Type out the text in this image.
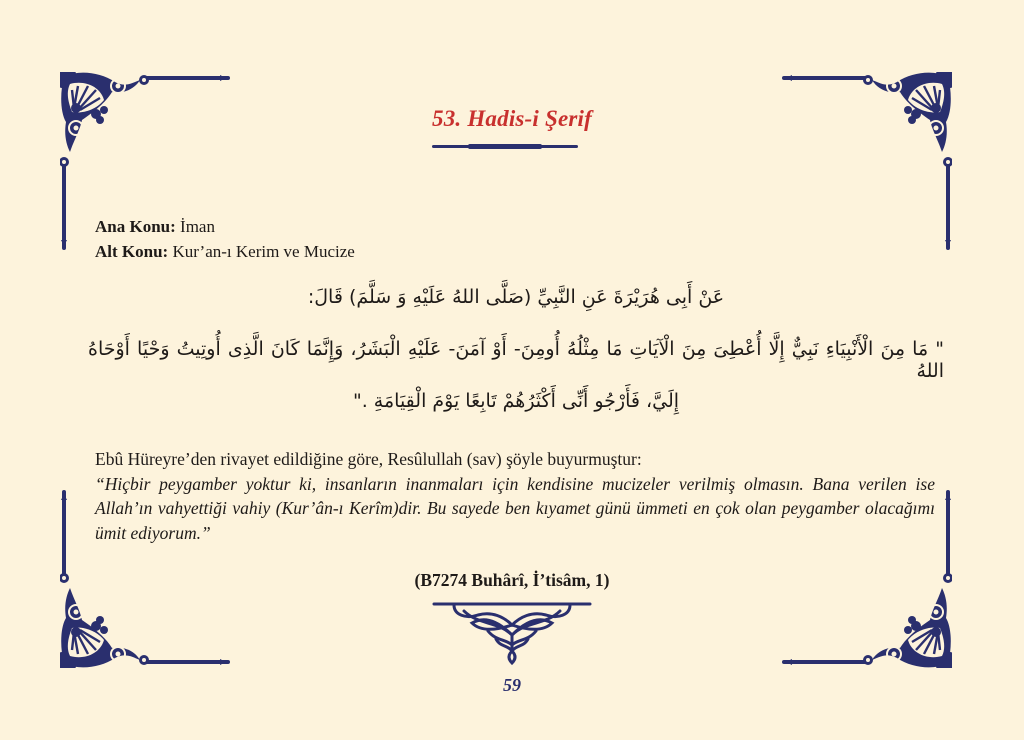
53. Hadis-i Şerif
Ana Konu: İman
Alt Konu: Kur’an-ı Kerim ve Mucize
عَنْ أَبِى هُرَيْرَةَ عَنِ النَّبِيِّ (صَلَّى اللهُ عَلَيْهِ وَ سَلَّمَ) قَالَ:
" مَا مِنَ الْأَنْبِيَاءِ نَبِيٌّ إِلَّا أُعْطِىَ مِنَ الْآيَاتِ مَا مِثْلُهُ أُومِنَ- أَوْ آمَنَ- عَلَيْهِ الْبَشَرُ، وَإِنَّمَا كَانَ الَّذِى أُوتِيتُ وَحْيًا أَوْحَاهُ اللهُ
إِلَيَّ، فَأَرْجُو أَنِّى أَكْثَرُهُمْ تَابِعًا يَوْمَ الْقِيَامَةِ ."
Ebû Hüreyre’den rivayet edildiğine göre, Resûlullah (sav) şöyle buyurmuştur:
“Hiçbir peygamber yoktur ki, insanların inanmaları için kendisine mucizeler verilmiş olmasın. Bana verilen ise Allah’ın vahyettiği vahiy (Kur’ân-ı Kerîm)dir. Bu sayede ben kıyamet günü ümmeti en çok olan peygamber olacağımı ümit ediyorum.”
(B7274 Buhârî, İ’tisâm, 1)
59
